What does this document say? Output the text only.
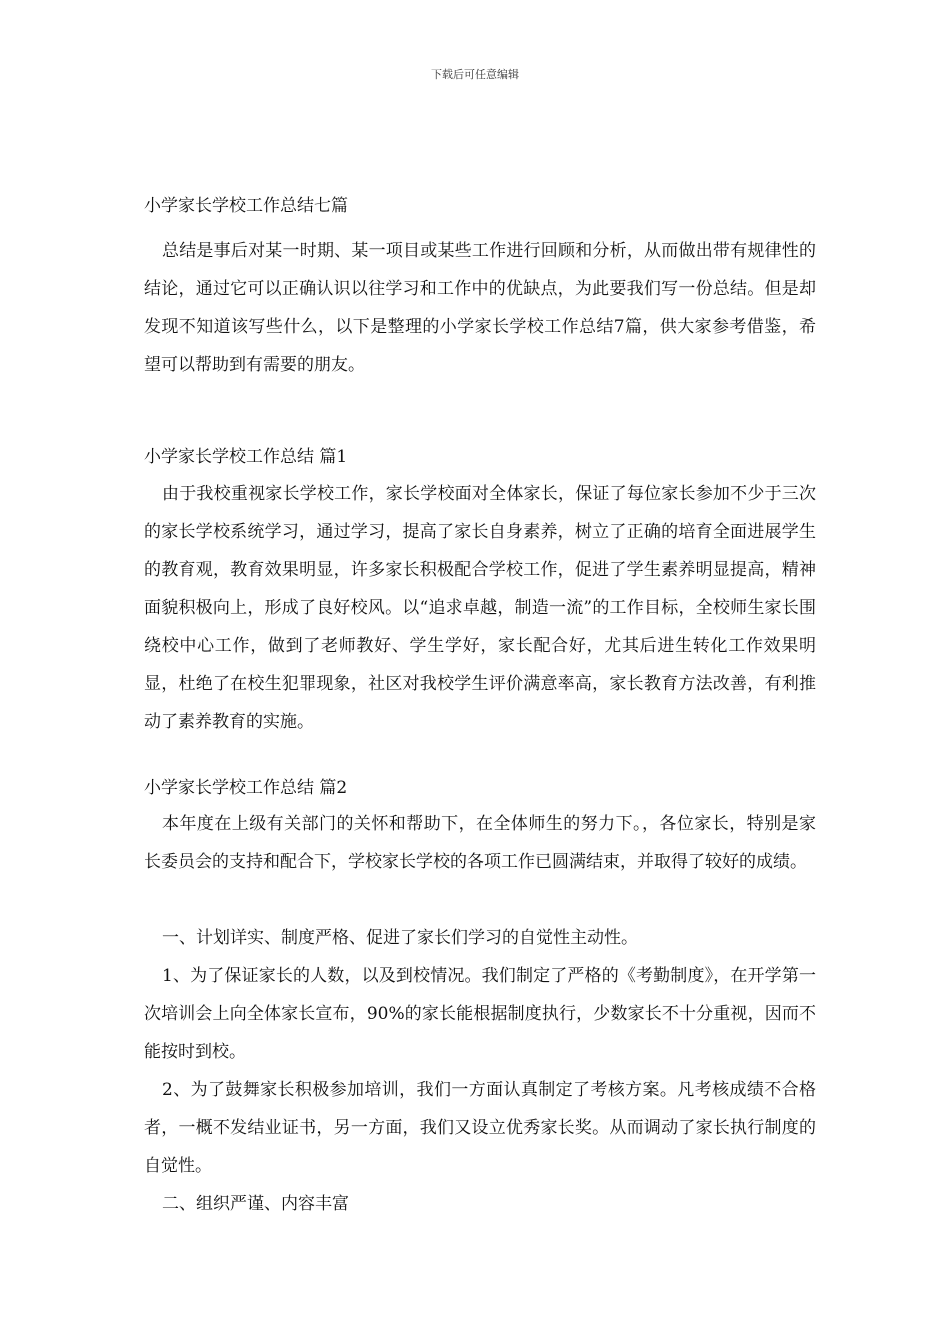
下载后可任意编辑
小学家长学校工作总结七篇

总结是事后对某一时期、某一项目或某些工作进行回顾和分析，从而做出带有规律性的结论，通过它可以正确认识以往学习和工作中的优缺点，为此要我们写一份总结。但是却发现不知道该写些什么，以下是整理的小学家长学校工作总结7篇，供大家参考借鉴，希望可以帮助到有需要的朋友。

小学家长学校工作总结 篇1

由于我校重视家长学校工作，家长学校面对全体家长，保证了每位家长参加不少于三次的家长学校系统学习，通过学习，提高了家长自身素养，树立了正确的培育全面进展学生的教育观，教育效果明显，许多家长积极配合学校工作，促进了学生素养明显提高，精神面貌积极向上，形成了良好校风。以“追求卓越，制造一流”的工作目标，全校师生家长围绕校中心工作，做到了老师教好、学生学好，家长配合好，尤其后进生转化工作效果明显，杜绝了在校生犯罪现象，社区对我校学生评价满意率高，家长教育方法改善，有利推动了素养教育的实施。

小学家长学校工作总结 篇2

本年度在上级有关部门的关怀和帮助下，在全体师生的努力下。，各位家长，特别是家长委员会的支持和配合下，学校家长学校的各项工作已圆满结束，并取得了较好的成绩。

一、计划详实、制度严格、促进了家长们学习的自觉性主动性。

1、为了保证家长的人数，以及到校情况。我们制定了严格的《考勤制度》，在开学第一次培训会上向全体家长宣布，90%的家长能根据制度执行，少数家长不十分重视，因而不能按时到校。

2、为了鼓舞家长积极参加培训，我们一方面认真制定了考核方案。凡考核成绩不合格者，一概不发结业证书，另一方面，我们又设立优秀家长奖。从而调动了家长执行制度的自觉性。

二、组织严谨、内容丰富
